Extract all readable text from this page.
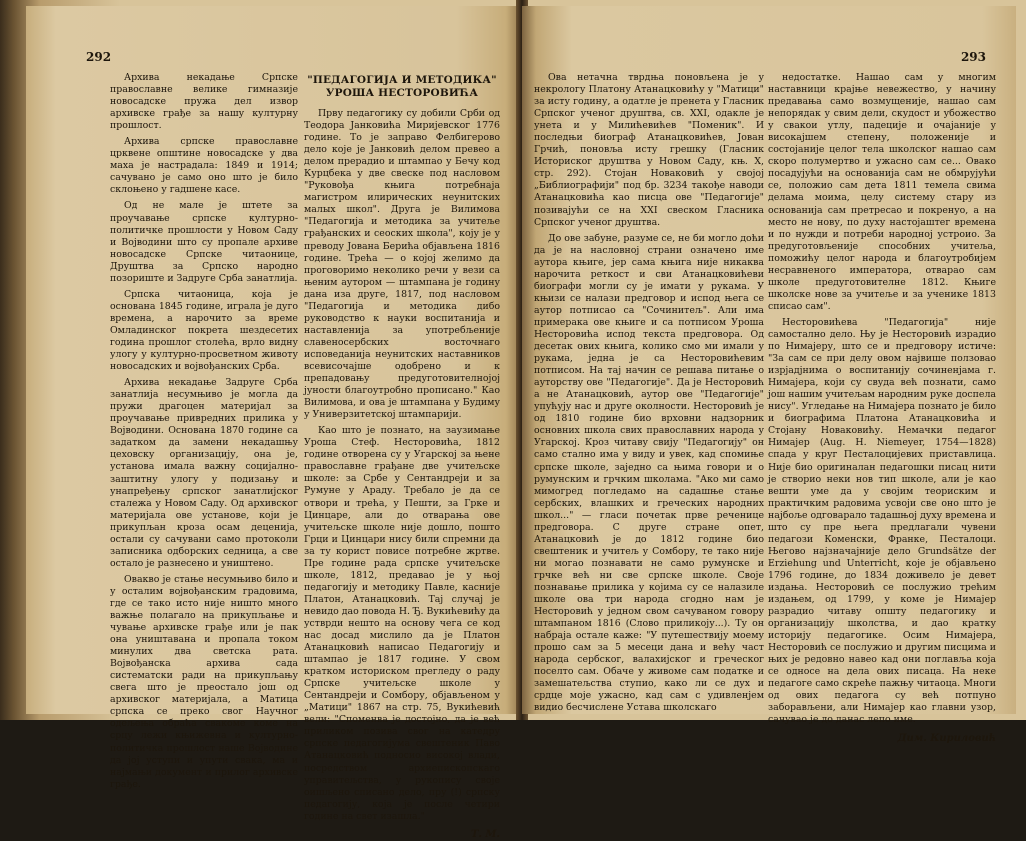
292

Архива некадање Српске православне велике гимназије новосадске пружа дел извор архивске грађе за нашу културну прошлост.

Архива српске православне црквене општине новосадске у два маха је настрадала: 1849 и 1914; сачувано је само оно што је било склоњено у гадшене касе.

Од не мале је штете за проучавање српске културно-политичке прошлости у Новом Саду и Војводини што су пропале архиве новосадске Српске читаонице, Друштва за Српско народно позориште и Задруге Срба занатлија.

Српска читаоница, која је основана 1845 године, играла је дуго времена, а нарочито за време Омладинског покрета шездесетих година прошлог столећа, врло видну улогу у културно-просветном животу новосадских и војвођанских Срба.

Архива некадање Задруге Срба занатлија несумњиво је могла да пружи драгоцен материјал за проучавање привредних прилика у Војводини. Основана 1870 године са задатком да замени некадашњу цеховску организацију, она је, установа имала важну социјално-заштитну улогу у подизању и унапређењу српског занатлијског сталежа у Новом Саду. Од архивског материјала ове установе, који је прикупљан кроза осам деценија, остали су сачувани само протоколи записника одборских седница, а све остало је разнесено и уништено.

Овакво је стање несумњиво било и у осталим војвођанским градовима, где се тако исто није ништо много важње полагало на прикупљање и чување архивске грађе или је пак она уништавана и пропала током минулих два светска рата. Војвођанска архива сада систематски ради на прикупљању свега што је преостало још од архивског материјала, а Матица српска се преко свог Научног одељења обраћа свакоме коме на срцу лежи књижевна и културно-политичка прошлост наше Војводине да јој уступи и упути свака, ма и најмањи документ и прилог архивске грађе.

"ПЕДАГОГИЈА И МЕТОДИКА" УРОША НЕСТОРОВИЋА

Прву педагогику су добили Срби од Теодора Јанковића Миријевског 1776 године. То је заправо Фелбигерово дело које је Јанковић делом превео а делом прерадио и штампао у Бечу код Курцбека у две свеске под насловом "Руковођа књига потребнаја магистром илирических неунитских малых школ". Друга је Вилимова "Педагогија и методика за учитеље грађанских и сеоских школа", коју је у преводу Јована Берића објављена 1816 године. Трећа — о којој желимо да проговоримо неколико речи у вези са њеним аутором — штампана је годину дана иза друге, 1817, под насловом "Педагогија и методика дибо руководство к науки воспитанија и наставленија за употребљеније славеносербских восточнаго исповеданија неунитских наставников всевисочајше одобрено и к препадовању предуготовителнојој јуности благоутробно прописано." Као Вилимова, и ова је штампана у Будиму у Универзитетској штампарији.

Као што је познато, на заузимање Уроша Стеф. Несторовића, 1812 године отворена су у Угарској за њене православне грађане две учитељске школе: за Србе у Сентандреји и за Румуне у Араду. Требало је да се отвори и трећа, у Пешти, за Грке и Цинцаре, али до отварања ове учитељске школе није дошло, пошто Грци и Цинцари нису били спремни да за ту корист повисе потребне жртве. Пре године рада српске учитељске школе, 1812, предавао је у њој педагогију и методику Павле, касније Платон, Атанацковић. Тај случај је невидо дао повода Н. Ђ. Вукићевићу да устврди нешто на основу чега се код нас досад мислило да је Платон Атанацковић написао Педагогију и штампао је 1817 године. У свом кратком историском прегледу о раду Српске учитељске школе у Сентандреји и Сомбору, објављеном у „Матици" 1867 на стр. 75, Вукићевић вели: "Споменва је достојно, да је већ приликом позива свог на катедру српске педагогијума свештеник Паво Атанацковић подносио високој влади, посредством архиепископскаго управитељства, у рукопису своје оишљено списано дело, пру (!) српску педагогију, која је после четири године на свет изашла."

Т. М.
293

Ова нетачна тврдња поновљена је у некрологу Платону Атанацковићу у "Матици" за исту годину, а одатле је пренета у Гласник Српског ученог друштва, св. XXI, одакле је унета и у Милићевићев "Поменик". И последњи биограф Атанацковићев, Јован Грчић, поновља исту грешку (Гласник Историског друштва у Новом Саду, књ. X, стр. 292). Стојан Новаковић у својој „Библиографији" под бр. 3234 такође наводи Атанацковића као писца ове "Педагогије" позивајући се на XXI свеском Гласника Српског ученог друштва.

До ове забуне, разуме се, не би могло доћи да је на насловној страни означено име аутора књиге, јер сама књига није никаква нарочита реткост и сви Атанацковићеви биографи могли су је имати у рукама. У књизи се налази предговор и испод њега се аутор потписао са "Сочинитељ". Али има примерака ове књиге и са потписом Уроша Несторовића испод текста предговора. Од десетак ових књига, колико смо ми имали у рукама, једна је са Несторовићевим потписом. На тај начин се решава питање о ауторству ове "Педагогије". Да је Несторовић а не Атанацковић, аутор ове "Педагогије" упућују нас и друге околности. Несторовић је од 1810 године био врховни надзорник основних школа свих православних народа у Угарској. Кроз читаву свију "Педагогију" он само стално има у виду и увек, кад спомиње српске школе, заједно са њима говори и о румунским и грчким школама. "Ако ми само мимогред погледамо на садашње стање сербских, влашких и греческих народних школ..." — гласи почетак прве реченице предговора. С друге стране опет, Атанацковић је до 1812 године био свештеник и учитељ у Сомбору, те тако није ни могао познавати не само румунске и грчке већ ни све српске школе. Своје познавање прилика у којима су се налазиле школе ова три народа сгодно нам је Несторовић у једном свом сачуваном говору штампаном 1816 (Слово приликоју...). Ту он набраја остале каже: "У путешествију моему прошо сам за 5 месеци дана и већу част народа сербског, валахијског и греческог поселто сам. Обаче у живоме сам податке и замешатељства ступио, како ли се дух и срдце моје ужасно, кад сам с удивленјем видио бесчислене Устава школскаго

недостатке. Нашао сам у многим наставници крајње невежество, у начину предавања само возмущеније, нашао сам непорядак у свим дели, скудост и убожество у свакои утлу, падеције и очајаније у високајшем степену, положеније и состојаније целог тела школског нашао сам скоро полумертво и ужасно сам се... Овако посадујући на основанија сам не обмрујући се, положио сам дета 1811 темела свима делама моима, целу систему стару из основанија сам претресао и покренуо, а на место не нову, по духу настојаштег времена и по нужди и потреби народној устроио. За предуготовљеније способних учитеља, поможићу целог народа и благоутробијем несравненого императора, отварао сам школе предуготовителне 1812. Књиге школске нове за учитеље и за ученике 1813 списао сам".

Несторовићева "Педагогија" није самостално дело. Њу је Несторовић израдио по Нимајеру, што се и предговору истиче: "За сам се при делу овом највише ползовао изрјадјнима о воспитанију сочиненјама г. Нимајера, који су свуда већ познати, само још нашим учитељам народним руке доспела нису". Угледање на Нимајера познато је било и биографима Платона Атанацковића и Стојану Новаковићу. Немачки педагог Нимајер (Aug. H. Niemeyer, 1754—1828) спада у круг Песталоцијевих приставлица. Није био оригиналан педагошки писац нити је створио неки нов тип школе, али је као вешти уме да у својим теориским и практичким радовима усвоји све оно што је најбоље одговарало тадашњој духу времена и што су пре њега предлагали чувени педагози Коменски, Франке, Песталоци. Његово најзначајније дело Grundsätze der Erziehung und Unterricht, које је објављено 1796 године, до 1834 доживело је девет издања. Несторовић се послужио трећим издањем, од 1799, у коме је Нимајер разрадио читаву општу педагогику и организацију школства, и дао кратку историју педагогике. Осим Нимајера, Несторовић се послужио и другим писцима и њих је редовно навео кад они поглавља која се односе на дела ових писаца. На неке педагоге само скреће пажњу читаоца. Многи од ових педагога су већ потпуно заборављени, али Нимајер као главни узор, сачувао је до данас лепо име.

Дим. Кириловић
